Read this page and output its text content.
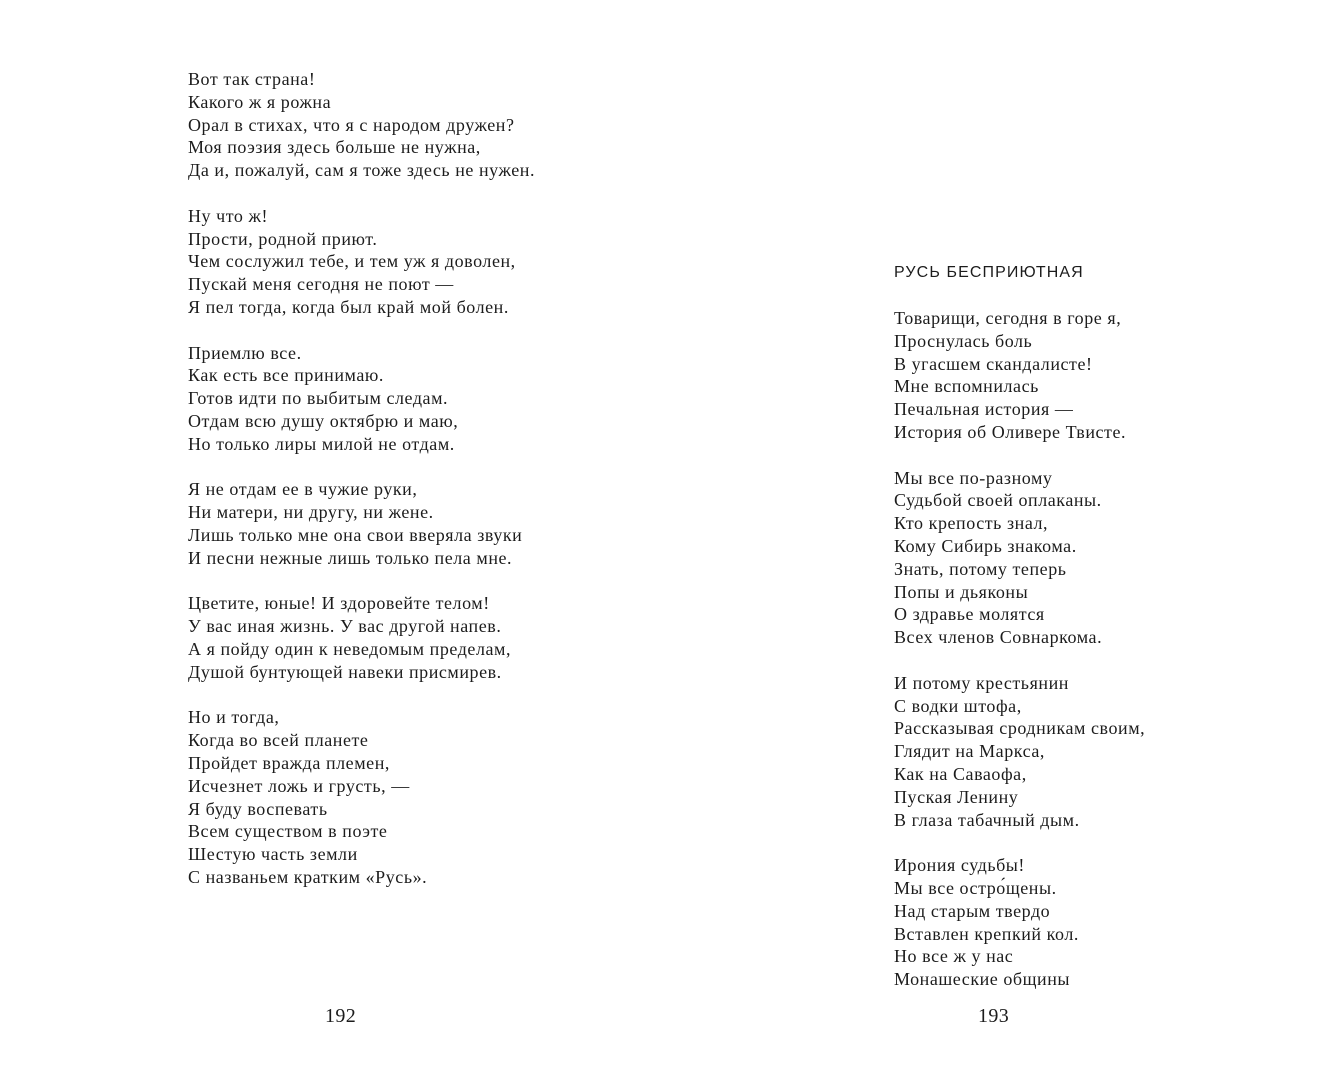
Вот так страна!
Какого ж я рожна
Орал в стихах, что я с народом дружен?
Моя поэзия здесь больше не нужна,
Да и, пожалуй, сам я тоже здесь не нужен.
Ну что ж!
Прости, родной приют.
Чем сослужил тебе, и тем уж я доволен,
Пускай меня сегодня не поют —
Я пел тогда, когда был край мой болен.
Приемлю все.
Как есть все принимаю.
Готов идти по выбитым следам.
Отдам всю душу октябрю и маю,
Но только лиры милой не отдам.
Я не отдам ее в чужие руки,
Ни матери, ни другу, ни жене.
Лишь только мне она свои вверяла звуки
И песни нежные лишь только пела мне.
Цветите, юные! И здоровейте телом!
У вас иная жизнь. У вас другой напев.
А я пойду один к неведомым пределам,
Душой бунтующей навеки присмирев.
Но и тогда,
Когда во всей планете
Пройдет вражда племен,
Исчезнет ложь и грусть, —
Я буду воспевать
Всем существом в поэте
Шестую часть земли
С названьем кратким «Русь».
192
РУСЬ БЕСПРИЮТНАЯ
Товарищи, сегодня в горе я,
Проснулась боль
В угасшем скандалисте!
Мне вспомнилась
Печальная история —
История об Оливере Твисте.
Мы все по-разному
Судьбой своей оплаканы.
Кто крепость знал,
Кому Сибирь знакома.
Знать, потому теперь
Попы и дьяконы
О здравье молятся
Всех членов Совнаркома.
И потому крестьянин
С водки штофа,
Рассказывая сродникам своим,
Глядит на Маркса,
Как на Саваофа,
Пуская Ленину
В глаза табачный дым.
Ирония судьбы!
Мы все остро́щены.
Над старым твердо
Вставлен крепкий кол.
Но все ж у нас
Монашеские общины
193
